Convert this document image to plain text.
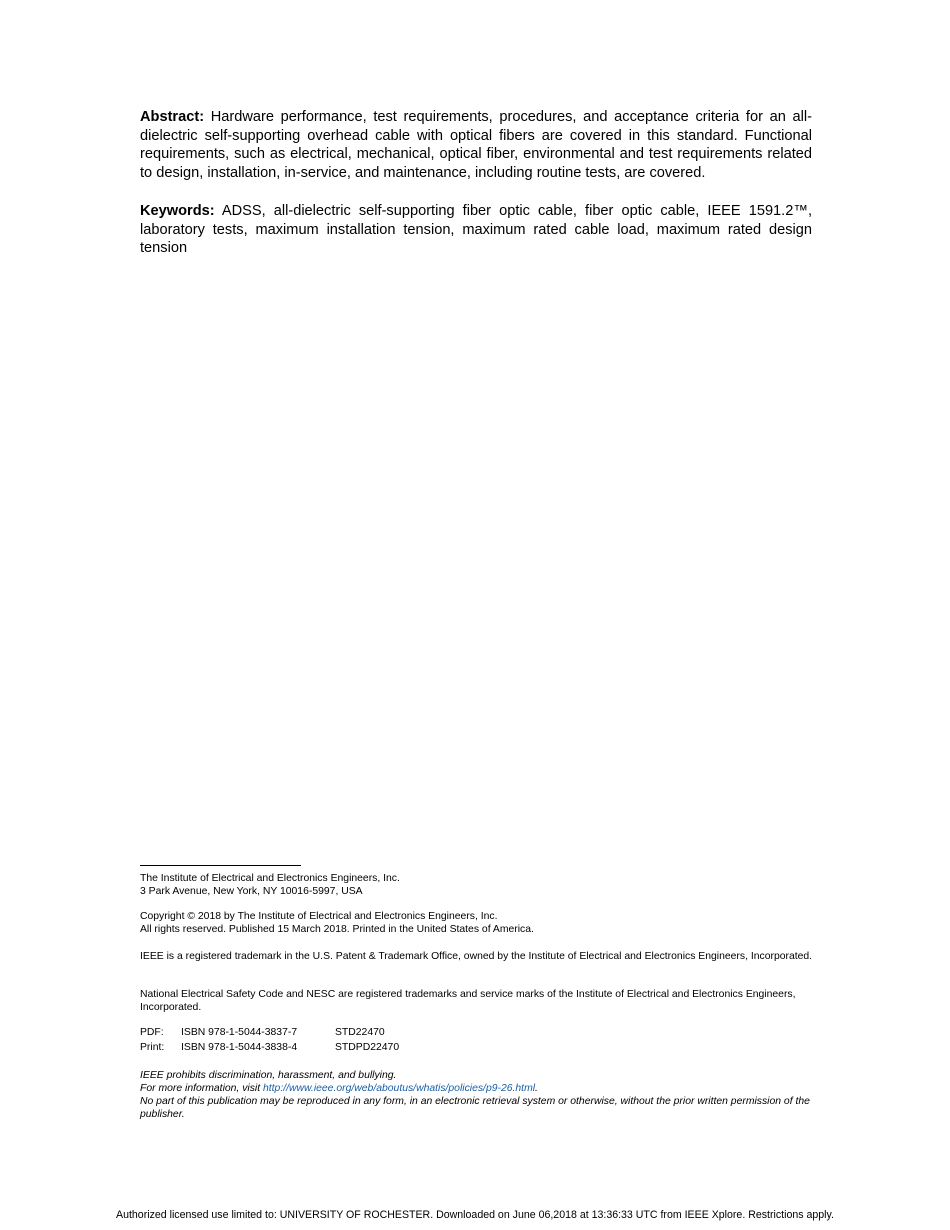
Abstract: Hardware performance, test requirements, procedures, and acceptance criteria for an all-dielectric self-supporting overhead cable with optical fibers are covered in this standard. Functional requirements, such as electrical, mechanical, optical fiber, environmental and test requirements related to design, installation, in-service, and maintenance, including routine tests, are covered.

Keywords: ADSS, all-dielectric self-supporting fiber optic cable, fiber optic cable, IEEE 1591.2™, laboratory tests, maximum installation tension, maximum rated cable load, maximum rated design tension

The Institute of Electrical and Electronics Engineers, Inc.
3 Park Avenue, New York, NY 10016-5997, USA
Copyright © 2018 by The Institute of Electrical and Electronics Engineers, Inc.
All rights reserved. Published 15 March 2018. Printed in the United States of America.
IEEE is a registered trademark in the U.S. Patent & Trademark Office, owned by the Institute of Electrical and Electronics Engineers, Incorporated.
National Electrical Safety Code and NESC are registered trademarks and service marks of the Institute of Electrical and Electronics Engineers, Incorporated.
PDF: ISBN 978-1-5044-3837-7	STD22470
Print: ISBN 978-1-5044-3838-4	STDPD22470
IEEE prohibits discrimination, harassment, and bullying.
For more information, visit http://www.ieee.org/web/aboutus/whatis/policies/p9-26.html.
No part of this publication may be reproduced in any form, in an electronic retrieval system or otherwise, without the prior written permission of the publisher.
Authorized licensed use limited to: UNIVERSITY OF ROCHESTER. Downloaded on June 06,2018 at 13:36:33 UTC from IEEE Xplore. Restrictions apply.
